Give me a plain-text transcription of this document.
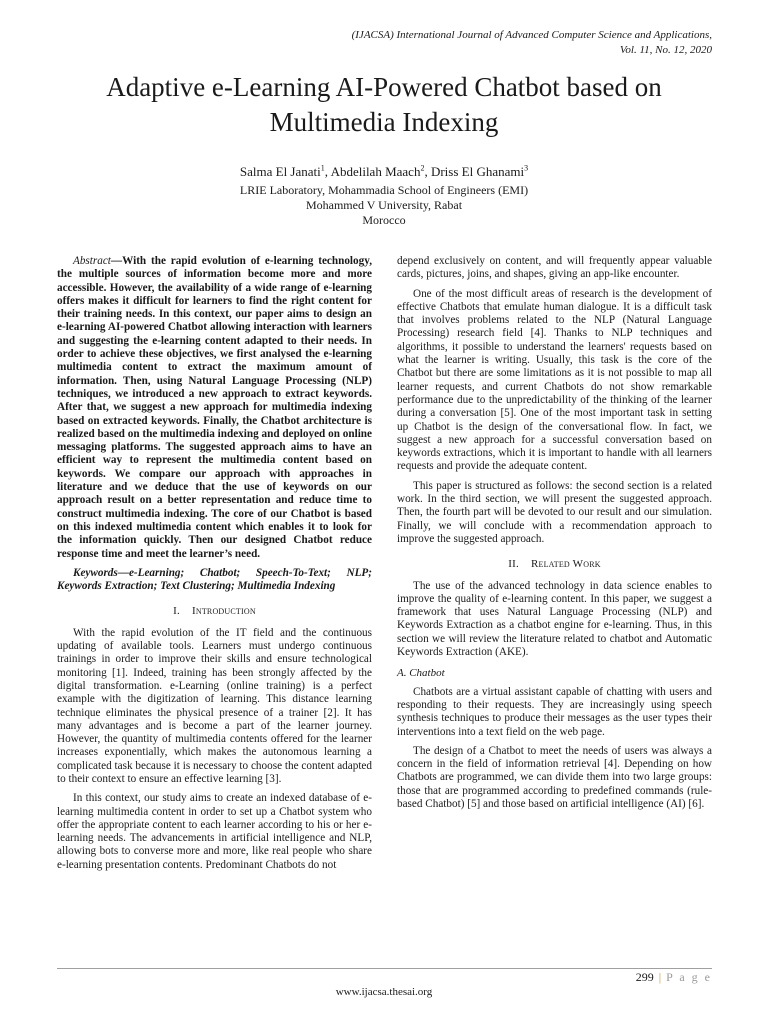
(IJACSA) International Journal of Advanced Computer Science and Applications,
Vol. 11, No. 12, 2020
Adaptive e-Learning AI-Powered Chatbot based on
Multimedia Indexing
Salma El Janati$^1$, Abdelilah Maach$^2$, Driss El Ghanami$^3$
LRIE Laboratory, Mohammadia School of Engineers (EMI)
Mohammed V University, Rabat
Morocco

Abstract—With the rapid evolution of e-learning technology, the multiple sources of information become more and more accessible. However, the availability of a wide range of e-learning offers makes it difficult for learners to find the right content for their training needs. In this context, our paper aims to design an e-learning AI-powered Chatbot allowing interaction with learners and suggesting the e-learning content adapted to their needs. In order to achieve these objectives, we first analysed the e-learning multimedia content to extract the maximum amount of information. Then, using Natural Language Processing (NLP) techniques, we introduced a new approach to extract keywords. After that, we suggest a new approach for multimedia indexing based on extracted keywords. Finally, the Chatbot architecture is realized based on the multimedia indexing and deployed on online messaging platforms. The suggested approach aims to have an efficient way to represent the multimedia content based on keywords. We compare our approach with approaches in literature and we deduce that the use of keywords on our approach result on a better representation and reduce time to construct multimedia indexing. The core of our Chatbot is based on this indexed multimedia content which enables it to look for the information quickly. Then our designed Chatbot reduce response time and meet the learner’s need.

Keywords—e-Learning; Chatbot; Speech-To-Text; NLP; Keywords Extraction; Text Clustering; Multimedia Indexing

I. Introduction

With the rapid evolution of the IT field and the continuous updating of available tools. Learners must undergo continuous trainings in order to improve their skills and ensure technological monitoring [1]. Indeed, training has been strongly affected by the digital transformation. e-Learning (online training) is a perfect example with the digitization of learning. This distance learning technique eliminates the physical presence of a trainer [2]. It has many advantages and is become a part of the learner journey. However, the quantity of multimedia contents offered for the learner increases exponentially, which makes the autonomous learning a complicated task because it is necessary to choose the content adapted to their context to ensure an effective learning [3].

In this context, our study aims to create an indexed database of e-learning multimedia content in order to set up a Chatbot system who offer the appropriate content to each learner according to his or her e-learning needs. The advancements in artificial intelligence and NLP, allowing bots to converse more and more, like real people who share e-learning presentation contents. Predominant Chatbots do not

depend exclusively on content, and will frequently appear valuable cards, pictures, joins, and shapes, giving an app-like encounter.

One of the most difficult areas of research is the development of effective Chatbots that emulate human dialogue. It is a difficult task that involves problems related to the NLP (Natural Language Processing) research field [4]. Thanks to NLP techniques and algorithms, it possible to understand the learners' requests based on what the learner is writing. Usually, this task is the core of the Chatbot but there are some limitations as it is not possible to map all learner requests, and current Chatbots do not show remarkable performance due to the unpredictability of the thinking of the learner during a conversation [5]. One of the most important task in setting up Chatbot is the design of the conversational flow. In fact, we suggest a new approach for a successful conversation based on keywords extractions, which it is important to handle with all learners requests and provide the adequate content.

This paper is structured as follows: the second section is a related work. In the third section, we will present the suggested approach. Then, the fourth part will be devoted to our result and our simulation. Finally, we will conclude with a recommendation approach to improve the suggested approach.

II. Related Work

The use of the advanced technology in data science enables to improve the quality of e-learning content. In this paper, we suggest a framework that uses Natural Language Processing (NLP) and Keywords Extraction as a chatbot engine for e-learning. Thus, in this section we will review the literature related to chatbot and Automatic Keywords Extraction (AKE).

A. Chatbot

Chatbots are a virtual assistant capable of chatting with users and responding to their requests. They are increasingly using speech synthesis techniques to produce their messages as the user types their interventions into a text field on the web page.

The design of a Chatbot to meet the needs of users was always a concern in the field of information retrieval [4]. Depending on how Chatbots are programmed, we can divide them into two large groups: those that are programmed according to predefined commands (rule-based Chatbot) [5] and those based on artificial intelligence (AI) [6].

299 | P a g e
www.ijacsa.thesai.org
